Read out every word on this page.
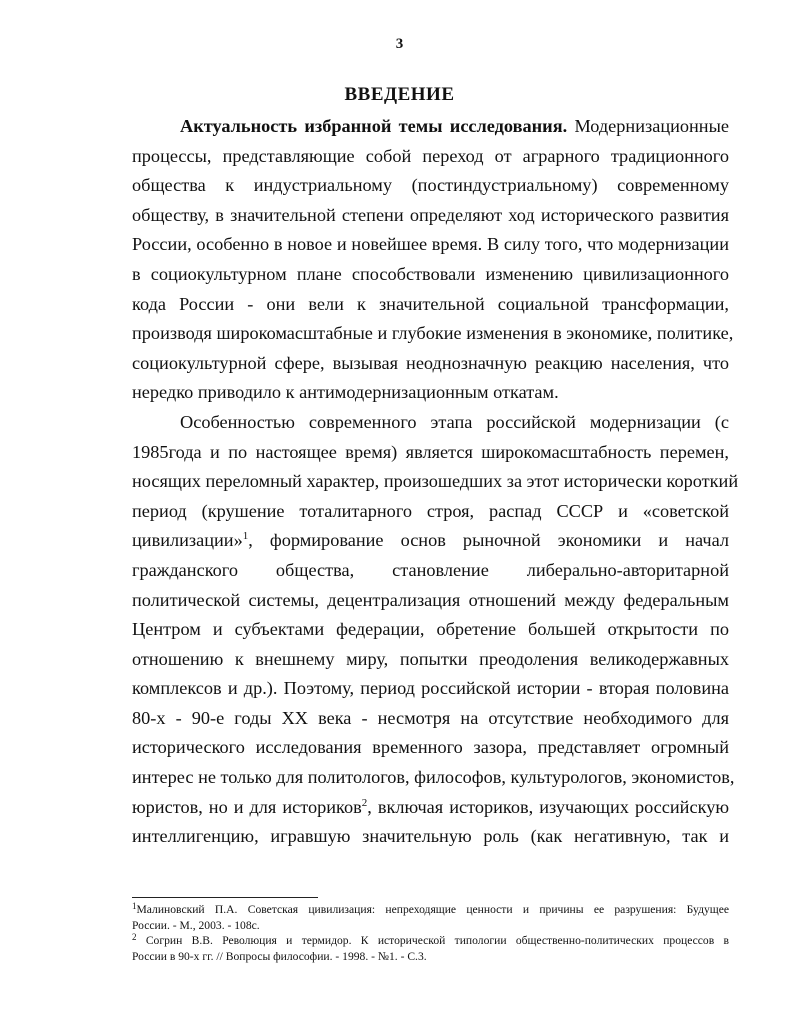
3
ВВЕДЕНИЕ
Актуальность избранной темы исследования. Модернизационные
процессы, представляющие собой переход от аграрного традиционного
общества к индустриальному (постиндустриальному) современному
обществу, в значительной степени определяют ход исторического развития
России, особенно в новое и новейшее время. В силу того, что модернизации
в социокультурном плане способствовали изменению цивилизационного
кода России - они вели к значительной социальной трансформации,
производя широкомасштабные и глубокие изменения в экономике, политике,
социокультурной сфере, вызывая неоднозначную реакцию населения, что
нередко приводило к антимодернизационным откатам.
Особенностью современного этапа российской модернизации (с
1985года и по настоящее время) является широкомасштабность перемен,
носящих переломный характер, произошедших за этот исторически короткий
период (крушение тоталитарного строя, распад СССР и «советской
цивилизации»$^1$, формирование основ рыночной экономики и начал
гражданского общества, становление либерально-авторитарной
политической системы, децентрализация отношений между федеральным
Центром и субъектами федерации, обретение большей открытости по
отношению к внешнему миру, попытки преодоления великодержавных
комплексов и др.). Поэтому, период российской истории - вторая половина
80-х - 90-е годы ХХ века - несмотря на отсутствие необходимого для
исторического исследования временного зазора, представляет огромный
интерес не только для политологов, философов, культурологов, экономистов,
юристов, но и для историков$^2$, включая историков, изучающих российскую
интеллигенцию, игравшую значительную роль (как негативную, так и
$^1$Малиновский П.А. Советская цивилизация: непреходящие ценности и причины ее разрушения: Будущее
России. - М., 2003. - 108с.
$^2$ Согрин В.В. Революция и термидор. К исторической типологии общественно-политических процессов в
России в 90-х гг. // Вопросы философии. - 1998. - №1. - С.3.
